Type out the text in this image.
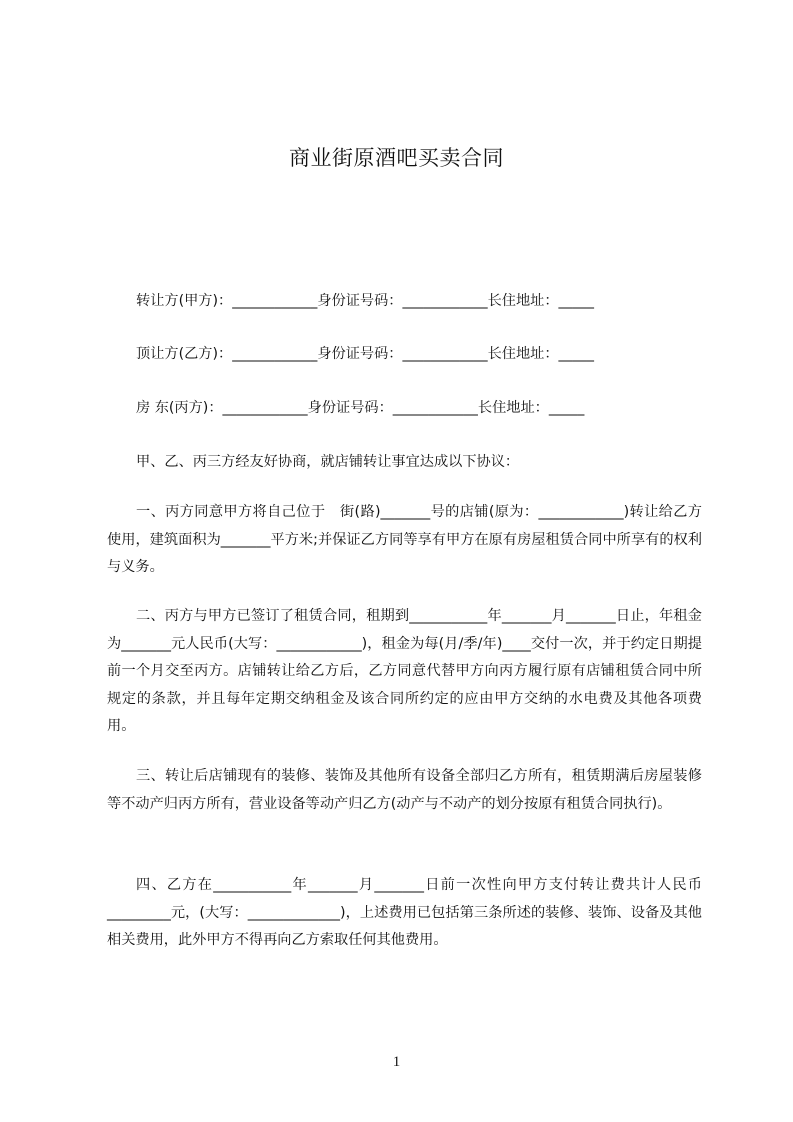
商业街原酒吧买卖合同
转让方(甲方)：____________身份证号码：____________长住地址：_____
顶让方(乙方)：____________身份证号码：____________长住地址：_____
房 东(丙方)：____________身份证号码：____________长住地址：_____
甲、乙、丙三方经友好协商，就店铺转让事宜达成以下协议：
一、丙方同意甲方将自己位于　街(路)_______号的店铺(原为：____________)转让给乙方使用，建筑面积为_______平方米;并保证乙方同等享有甲方在原有房屋租赁合同中所享有的权利与义务。
二、丙方与甲方已签订了租赁合同，租期到___________年_______月_______日止，年租金为_______元人民币(大写：____________)，租金为每(月/季/年)____交付一次，并于约定日期提前一个月交至丙方。店铺转让给乙方后，乙方同意代替甲方向丙方履行原有店铺租赁合同中所规定的条款，并且每年定期交纳租金及该合同所约定的应由甲方交纳的水电费及其他各项费用。
三、转让后店铺现有的装修、装饰及其他所有设备全部归乙方所有，租赁期满后房屋装修等不动产归丙方所有，营业设备等动产归乙方(动产与不动产的划分按原有租赁合同执行)。
四、乙方在___________年_______月_______日前一次性向甲方支付转让费共计人民币_________元，(大写：_____________)，上述费用已包括第三条所述的装修、装饰、设备及其他相关费用，此外甲方不得再向乙方索取任何其他费用。
1
